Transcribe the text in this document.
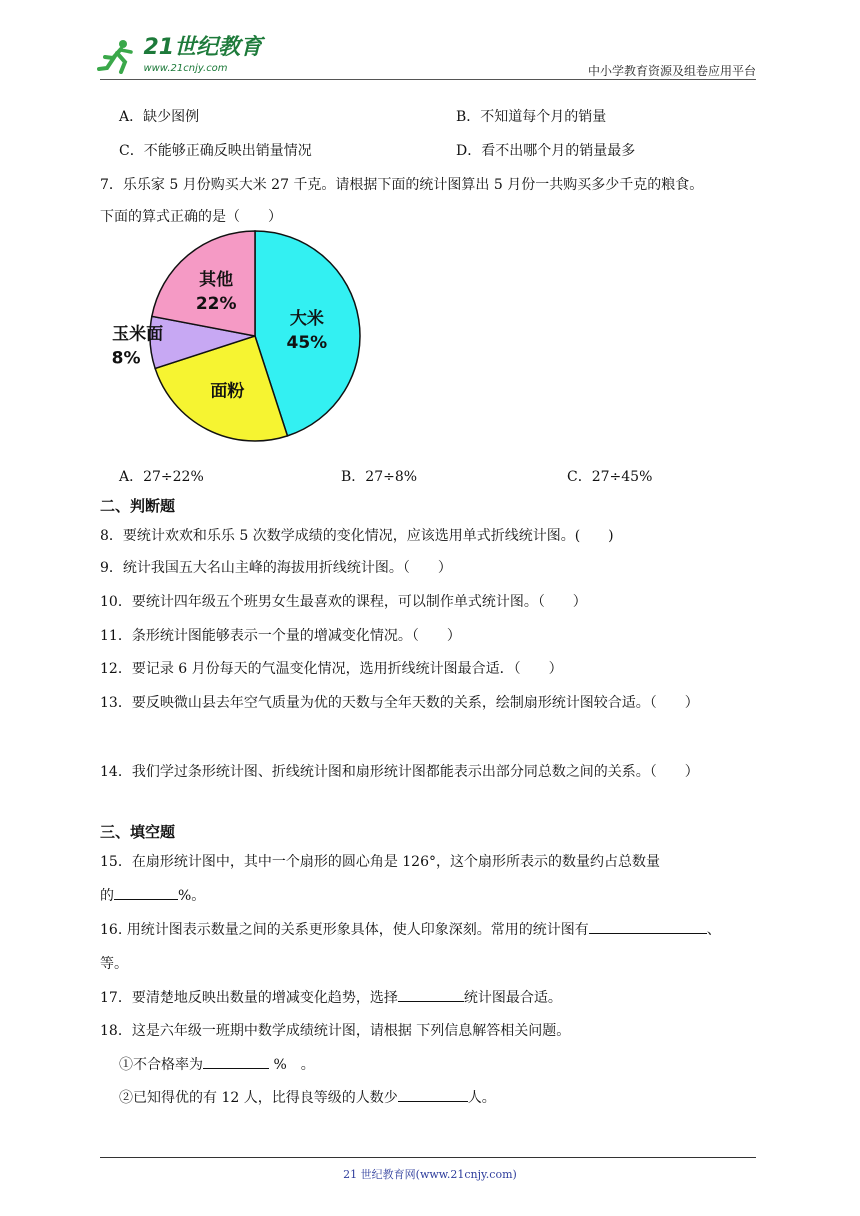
21世纪教育
www.21cnjy.com	中小学教育资源及组卷应用平台
A．缺少图例	B．不知道每个月的销量
C．不能够正确反映出销量情况	D．看不出哪个月的销量最多
7．乐乐家 5 月份购买大米 27 千克。请根据下面的统计图算出 5 月份一共购买多少千克的粮食。
下面的算式正确的是（　　）
大米
45%
面粉
玉米面
8%
其他
22%
A．27÷22%	B．27÷8%	C．27÷45%
二、判断题
8．要统计欢欢和乐乐 5 次数学成绩的变化情况，应该选用单式折线统计图。(　　)
9．统计我国五大名山主峰的海拔用折线统计图。（　　）
10．要统计四年级五个班男女生最喜欢的课程，可以制作单式统计图。（　　）
11．条形统计图能够表示一个量的增减变化情况。（　　）
12．要记录 6 月份每天的气温变化情况，选用折线统计图最合适．（　　）
13．要反映微山县去年空气质量为优的天数与全年天数的关系，绘制扇形统计图较合适。（　　）
14．我们学过条形统计图、折线统计图和扇形统计图都能表示出部分同总数之间的关系。（　　）
三、填空题
15．在扇形统计图中，其中一个扇形的圆心角是 126°，这个扇形所表示的数量约占总数量
的	%。
16. 用统计图表示数量之间的关系更形象具体，使人印象深刻。常用的统计图有	、
等。
17．要清楚地反映出数量的增减变化趋势，选择	统计图最合适。
18．这是六年级一班期中数学成绩统计图，请根据 下列信息解答相关问题。
①不合格率为	%　。
②已知得优的有 12 人，比得良等级的人数少	人。
21 世纪教育网(www.21cnjy.com)
